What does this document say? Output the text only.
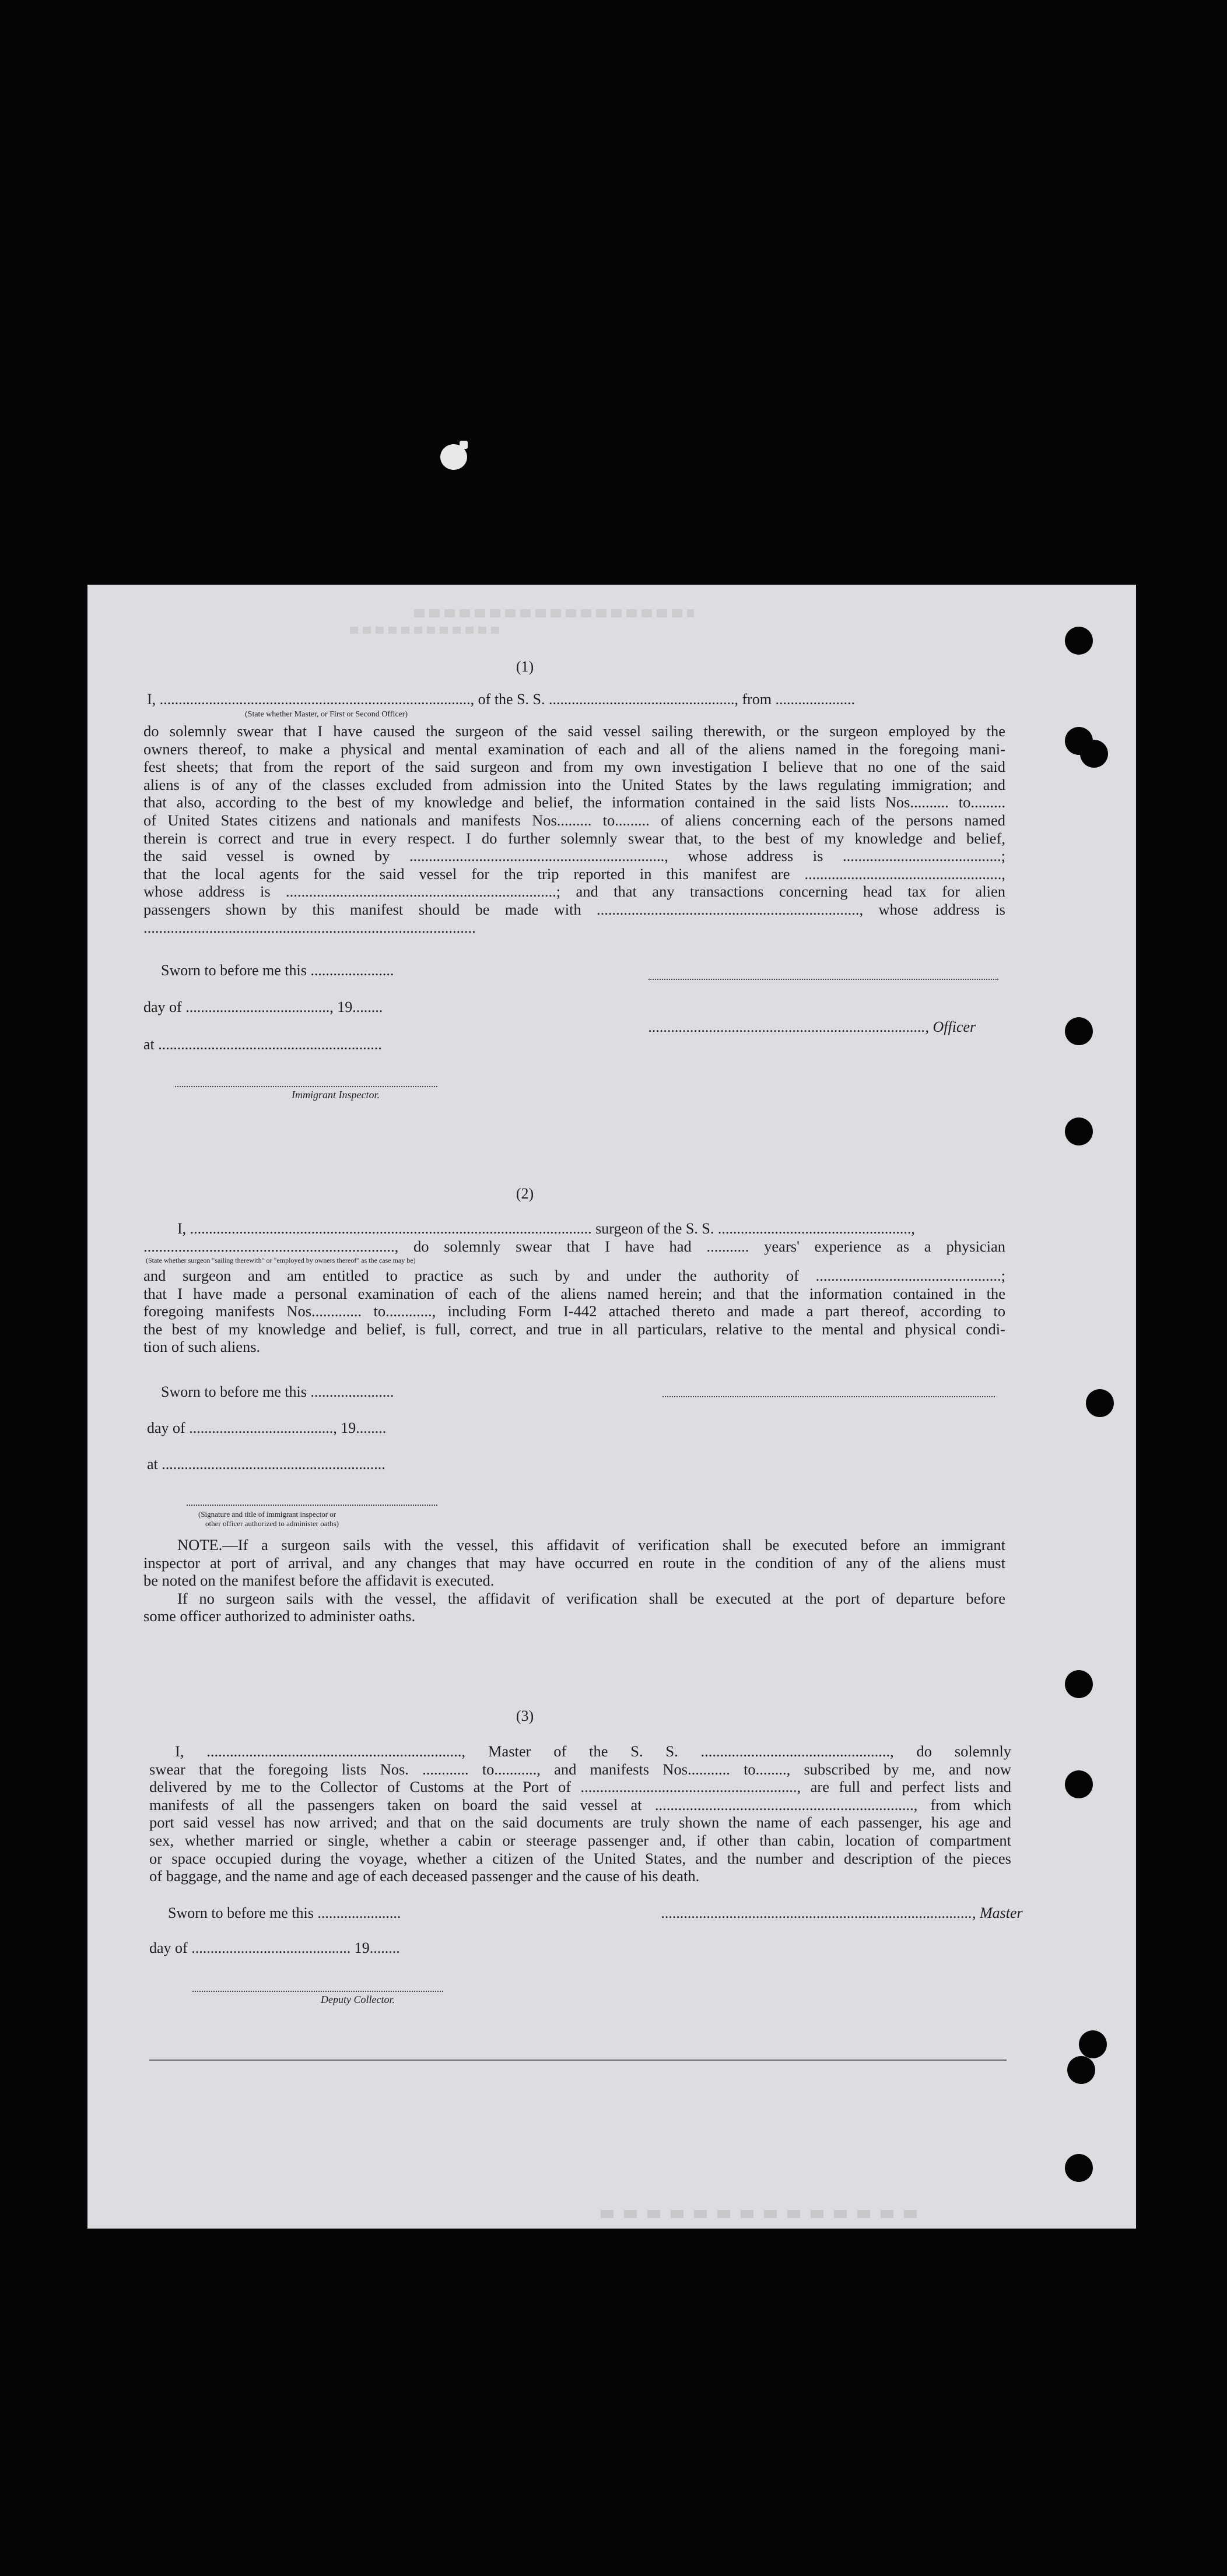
(1)
I, .................................................................................., of the S. S. ................................................., from .....................
(State whether Master, or First or Second Officer)
do solemnly swear that I have caused the surgeon of the said vessel sailing therewith, or the surgeon employed by the
owners thereof, to make a physical and mental examination of each and all of the aliens named in the foregoing mani-
fest sheets; that from the report of the said surgeon and from my own investigation I believe that no one of the said
aliens is of any of the classes excluded from admission into the United States by the laws regulating immigration; and
that also, according to the best of my knowledge and belief, the information contained in the said lists Nos.......... to.........
of United States citizens and nationals and manifests Nos......... to......... of aliens concerning each of the persons named
therein is correct and true in every respect. I do further solemnly swear that, to the best of my knowledge and belief,
the said vessel is owned by .................................................................., whose address is .........................................;
that the local agents for the said vessel for the trip reported in this manifest are ...................................................,
whose address is ......................................................................; and that any transactions concerning head tax for alien
passengers shown by this manifest should be made with ...................................................................., whose address is
......................................................................................
Sworn to before me this ......................
day of ......................................, 19........
........................................................................., Officer
at ...........................................................
Immigrant Inspector.
(2)
I, .......................................................................................................... surgeon of the S. S. ...................................................,
................................................................., do solemnly swear that I have had ........... years' experience as a physician
(State whether surgeon "sailing therewith" or "employed by owners thereof" as the case may be)
and surgeon and am entitled to practice as such by and under the authority of ................................................;
that I have made a personal examination of each of the aliens named herein; and that the information contained in the
foregoing manifests Nos............. to............, including Form I-442 attached thereto and made a part thereof, according to
the best of my knowledge and belief, is full, correct, and true in all particulars, relative to the mental and physical condi-
tion of such aliens.
Sworn to before me this ......................
day of ......................................, 19........
at ...........................................................
(Signature and title of immigrant inspector or
other officer authorized to administer oaths)
NOTE.—If a surgeon sails with the vessel, this affidavit of verification shall be executed before an immigrant
inspector at port of arrival, and any changes that may have occurred en route in the condition of any of the aliens must
be noted on the manifest before the affidavit is executed.
If no surgeon sails with the vessel, the affidavit of verification shall be executed at the port of departure before
some officer authorized to administer oaths.
(3)
I, .................................................................., Master of the S. S. ................................................., do solemnly
swear that the foregoing lists Nos. ............ to..........., and manifests Nos........... to........, subscribed by me, and now
delivered by me to the Collector of Customs at the Port of ........................................................, are full and perfect lists and
manifests of all the passengers taken on board the said vessel at ..................................................................., from which
port said vessel has now arrived; and that on the said documents are truly shown the name of each passenger, his age and
sex, whether married or single, whether a cabin or steerage passenger and, if other than cabin, location of compartment
or space occupied during the voyage, whether a citizen of the United States, and the number and description of the pieces
of baggage, and the name and age of each deceased passenger and the cause of his death.
Sworn to before me this ......................	.................................................................................., Master
day of .......................................... 19........
Deputy Collector.
